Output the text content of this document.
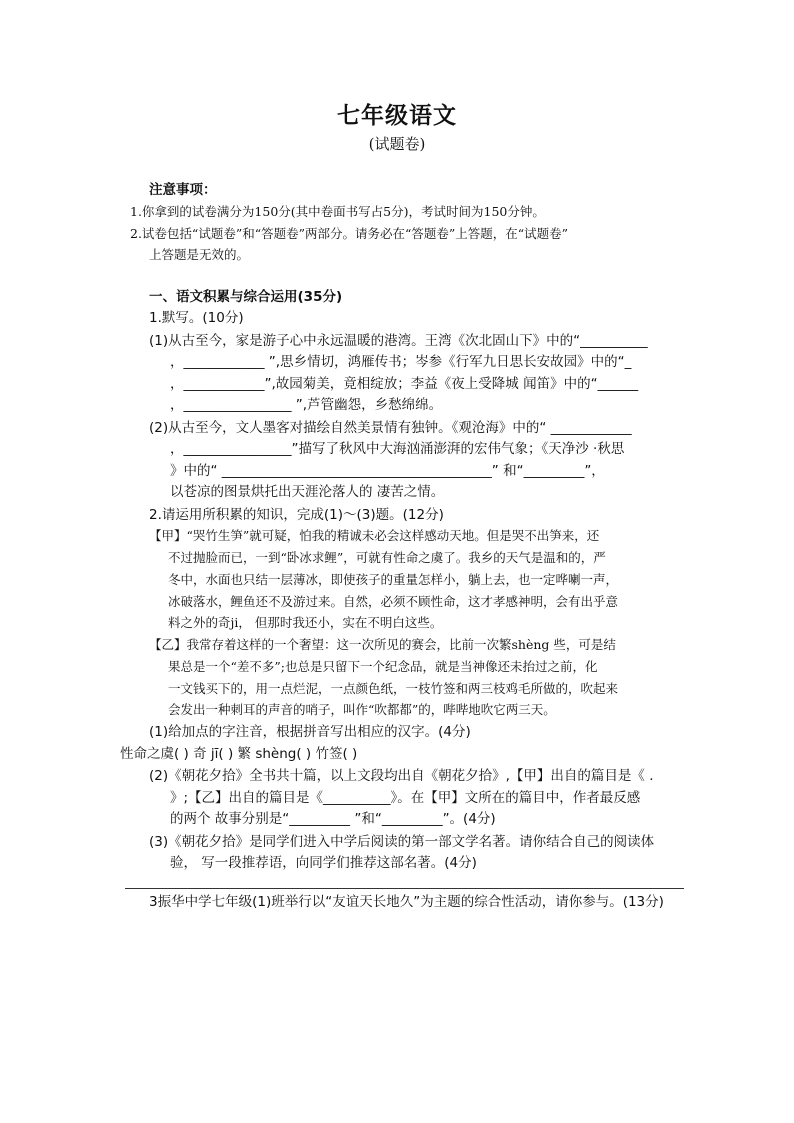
七年级语文
(试题卷)
注意事项：
1.你拿到的试卷满分为150分(其中卷面书写占5分)，考试时间为150分钟。
2.试卷包括“试题卷”和“答题卷”两部分。请务必在“答题卷”上答题，在“试题卷”
上答题是无效的。
一、语文积累与综合运用(35分)
1.默写。(10分)
(1)从古至今，家是游子心中永远温暖的港湾。王湾《次北固山下》中的“__________
，____________ ”,思乡情切，鸿雁传书；岑参《行军九日思长安故园》中的“_
，____________”,故园菊美，竟相绽放；李益《夜上受降城 闻笛》中的“______
，________________ ”,芦管幽怨，乡愁绵绵。
(2)从古至今，文人墨客对描绘自然美景情有独钟。《观沧海》中的“ ____________
，________________”描写了秋风中大海汹涌澎湃的宏伟气象；《天净沙 ·秋思
》中的“ ________________________________________” 和“_________”，
以苍凉的图景烘托出天涯沦落人的 凄苦之情。
2.请运用所积累的知识，完成(1)～(3)题。(12分)
【甲】“哭竹生笋”就可疑，怕我的精诚未必会这样感动天地。但是哭不出笋来，还
不过抛脸而已，一到“卧冰求鲤”，可就有性命之虞了。我乡的天气是温和的，严
冬中，水面也只结一层薄冰，即使孩子的重量怎样小，躺上去，也一定哗喇一声，
冰破落水，鲤鱼还不及游过来。自然，必须不顾性命，这才孝感神明，会有出乎意
料之外的奇ji， 但那时我还小，实在不明白这些。
【乙】我常存着这样的一个奢望：这一次所见的赛会，比前一次繁shèng 些，可是结
果总是一个“差不多”;也总是只留下一个纪念品，就是当神像还未抬过之前，化
一文钱买下的，用一点烂泥，一点颜色纸，一枝竹签和两三枝鸡毛所做的，吹起来
会发出一种刺耳的声音的哨子，叫作“吹都都”的，哔哔地吹它两三天。
(1)给加点的字注音，根据拼音写出相应的汉字。(4分)
性命之虞( ) 奇 jī( ) 繁 shèng( ) 竹签( )
(2)《朝花夕拾》全书共十篇，以上文段均出自《朝花夕拾》,【甲】出自的篇目是《 .
》;【乙】出自的篇目是《__________》。在【甲】文所在的篇目中，作者最反感
的两个 故事分别是“_________ ”和“_________”。(4分)
(3)《朝花夕拾》是同学们进入中学后阅读的第一部文学名著。请你结合自己的阅读体
验， 写一段推荐语，向同学们推荐这部名著。(4分)
3振华中学七年级(1)班举行以“友谊天长地久”为主题的综合性活动，请你参与。(13分)
